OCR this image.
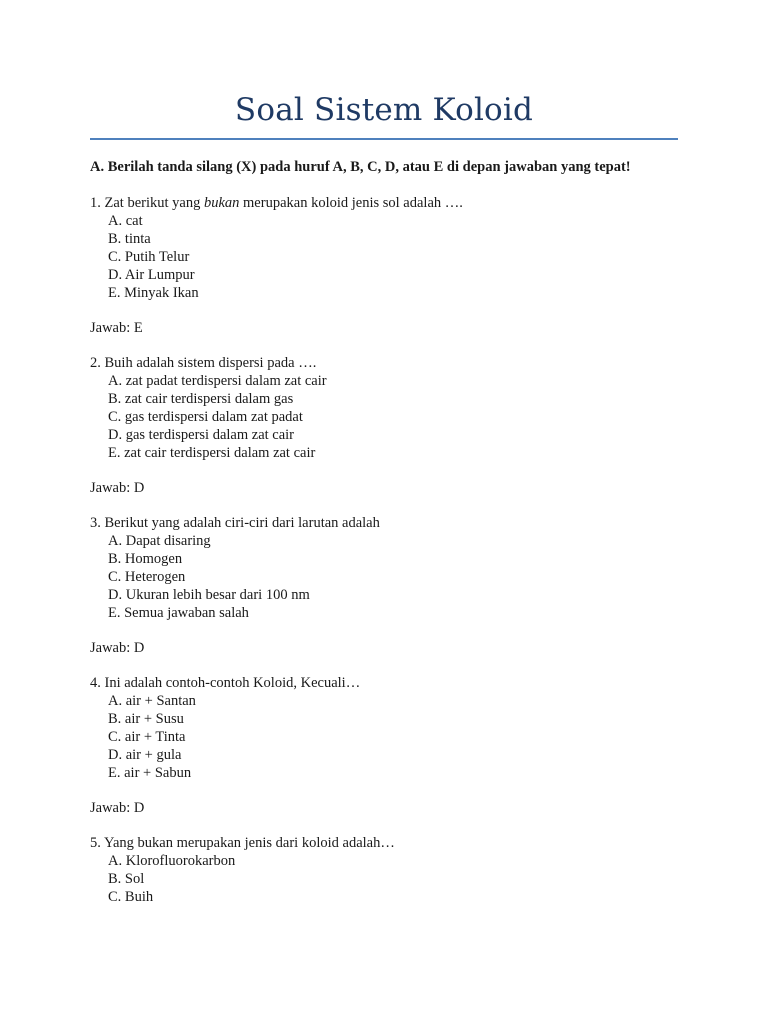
Soal Sistem Koloid
A. Berilah tanda silang (X) pada huruf A, B, C, D, atau E di depan jawaban yang tepat!
1. Zat berikut yang bukan merupakan koloid jenis sol adalah ….
A. cat
B. tinta
C. Putih Telur
D. Air Lumpur
E. Minyak Ikan
Jawab: E
2. Buih adalah sistem dispersi pada ….
A. zat padat terdispersi dalam zat cair
B. zat cair terdispersi dalam gas
C. gas terdispersi dalam zat padat
D. gas terdispersi dalam zat cair
E. zat cair terdispersi dalam zat cair
Jawab: D
3. Berikut yang adalah ciri-ciri dari larutan adalah
A. Dapat disaring
B. Homogen
C. Heterogen
D. Ukuran lebih besar dari 100 nm
E. Semua jawaban salah
Jawab: D
4. Ini adalah contoh-contoh Koloid, Kecuali…
A. air + Santan
B. air + Susu
C. air + Tinta
D. air + gula
E. air + Sabun
Jawab: D
5. Yang bukan merupakan jenis dari koloid adalah…
A. Klorofluorokarbon
B. Sol
C. Buih
